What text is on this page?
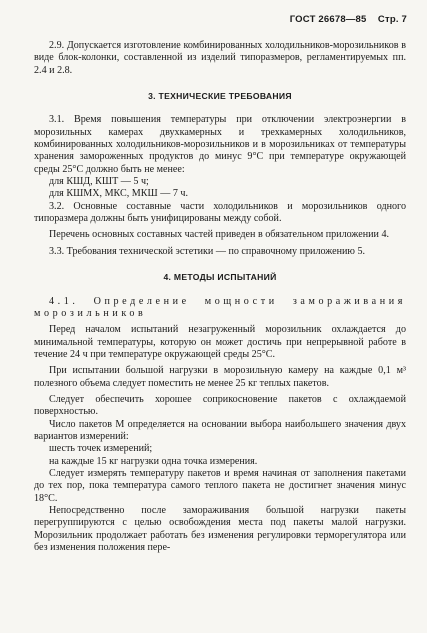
ГОСТ 26678—85 Стр. 7

2.9. Допускается изготовление комбинированных холодильников-морозильников в виде блок-колонки, составленной из изделий типоразмеров, регламентируемых пп. 2.4 и 2.8.

3. ТЕХНИЧЕСКИЕ ТРЕБОВАНИЯ

3.1. Время повышения температуры при отключении электроэнергии в морозильных камерах двухкамерных и трехкамерных холодильников, комбинированных холодильников-морозильников и в морозильниках от температуры хранения замороженных продуктов до минус 9°С при температуре окружающей среды 25°С должно быть не менее:

для КШД, КШТ — 5 ч;

для КШМХ, МКС, МКШ — 7 ч.

3.2. Основные составные части холодильников и морозильников одного типоразмера должны быть унифицированы между собой.

Перечень основных составных частей приведен в обязательном приложении 4.

3.3. Требования технической эстетики — по справочному приложению 5.

4. МЕТОДЫ ИСПЫТАНИЙ

4.1. Определение мощности замораживания морозильников

Перед началом испытаний незагруженный морозильник охлаждается до минимальной температуры, которую он может достичь при непрерывной работе в течение 24 ч при температуре окружающей среды 25°С.

При испытании большой нагрузки в морозильную камеру на каждые 0,1 м³ полезного объема следует поместить не менее 25 кг теплых пакетов.

Следует обеспечить хорошее соприкосновение пакетов с охлаждаемой поверхностью.

Число пакетов М определяется на основании выбора наибольшего значения двух вариантов измерений:

шесть точек измерений;

на каждые 15 кг нагрузки одна точка измерения.

Следует измерять температуру пакетов и время начиная от заполнения пакетами до тех пор, пока температура самого теплого пакета не достигнет значения минус 18°С.

Непосредственно после замораживания большой нагрузки пакеты перегруппируются с целью освобождения места под пакеты малой нагрузки. Морозильник продолжает работать без изменения регулировки терморегулятора или без изменения положения пере-
